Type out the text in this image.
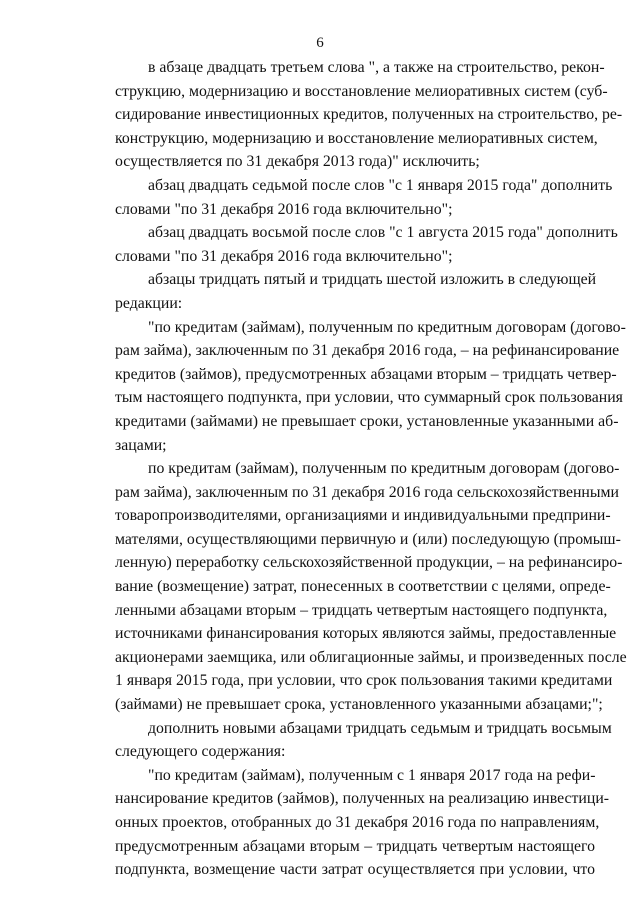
6

в абзаце двадцать третьем слова ", а также на строительство, рекон-
струкцию, модернизацию и восстановление мелиоративных систем (суб-
сидирование инвестиционных кредитов, полученных на строительство, ре-
конструкцию, модернизацию и восстановление мелиоративных систем,
осуществляется по 31 декабря 2013 года)" исключить;

абзац двадцать седьмой после слов "с 1 января 2015 года" дополнить
словами "по 31 декабря 2016 года включительно";

абзац двадцать восьмой после слов "с 1 августа 2015 года" дополнить
словами "по 31 декабря 2016 года включительно";

абзацы тридцать пятый и тридцать шестой изложить в следующей
редакции:

"по кредитам (займам), полученным по кредитным договорам (догово-
рам займа), заключенным по 31 декабря 2016 года, – на рефинансирование
кредитов (займов), предусмотренных абзацами вторым – тридцать четвер-
тым настоящего подпункта, при условии, что суммарный срок пользования
кредитами (займами) не превышает сроки, установленные указанными аб-
зацами;

по кредитам (займам), полученным по кредитным договорам (догово-
рам займа), заключенным по 31 декабря 2016 года сельскохозяйственными
товаропроизводителями, организациями и индивидуальными предприни-
мателями, осуществляющими первичную и (или) последующую (промыш-
ленную) переработку сельскохозяйственной продукции, – на рефинансиро-
вание (возмещение) затрат, понесенных в соответствии с целями, опреде-
ленными абзацами вторым – тридцать четвертым настоящего подпункта,
источниками финансирования которых являются займы, предоставленные
акционерами заемщика, или облигационные займы, и произведенных после
1 января 2015 года, при условии, что срок пользования такими кредитами
(займами) не превышает срока, установленного указанными абзацами;";

дополнить новыми абзацами тридцать седьмым и тридцать восьмым
следующего содержания:

"по кредитам (займам), полученным с 1 января 2017 года на рефи-
нансирование кредитов (займов), полученных на реализацию инвестици-
онных проектов, отобранных до 31 декабря 2016 года по направлениям,
предусмотренным абзацами вторым – тридцать четвертым настоящего
подпункта, возмещение части затрат осуществляется при условии, что
